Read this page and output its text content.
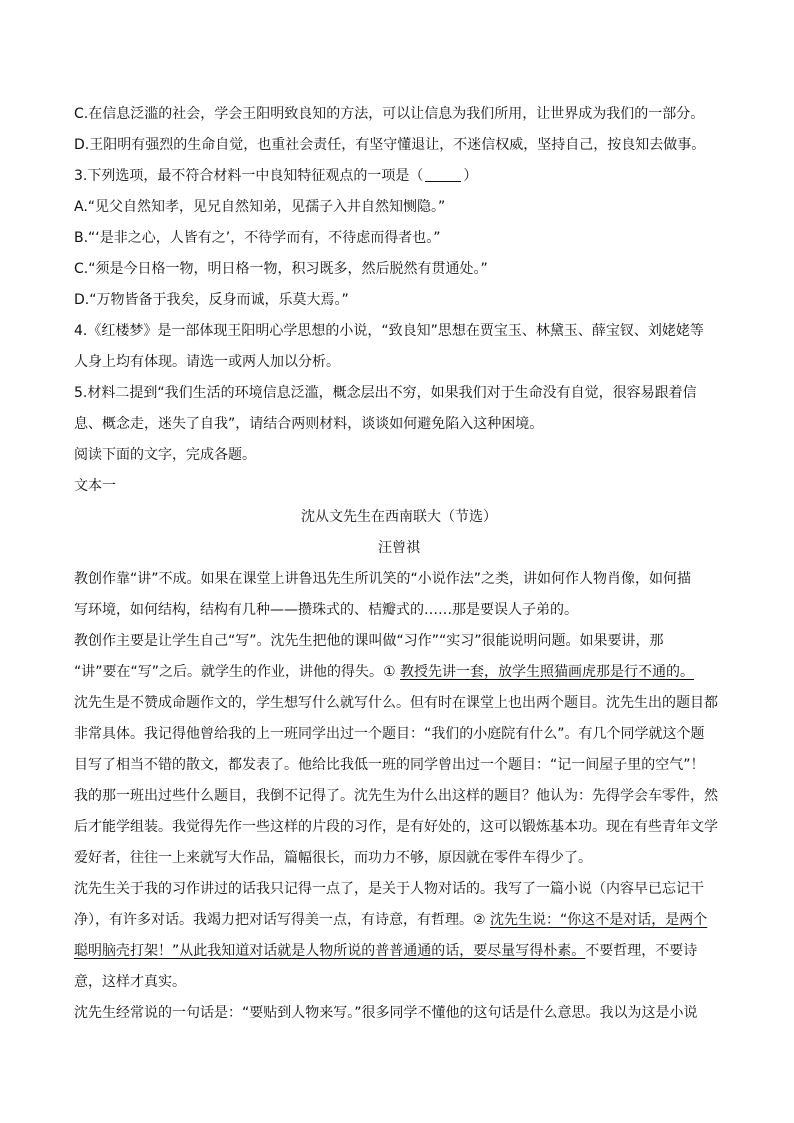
C.在信息泛滥的社会，学会王阳明致良知的方法，可以让信息为我们所用，让世界成为我们的一部分。
D.王阳明有强烈的生命自觉，也重社会责任，有坚守懂退让，不迷信权威，坚持自己，按良知去做事。
3.下列选项，最不符合材料一中良知特征观点的一项是（	）
A.“见父自然知孝，见兄自然知弟，见孺子入井自然知恻隐。”
B.“‘是非之心，人皆有之’，不待学而有，不待虑而得者也。”
C.“须是今日格一物，明日格一物，积习既多，然后脱然有贯通处。”
D.“万物皆备于我矣，反身而诚，乐莫大焉。”
4.《红楼梦》是一部体现王阳明心学思想的小说，“致良知”思想在贾宝玉、林黛玉、薛宝钗、刘姥姥等
人身上均有体现。请选一或两人加以分析。
5.材料二提到“我们生活的环境信息泛滥，概念层出不穷，如果我们对于生命没有自觉，很容易跟着信
息、概念走，迷失了自我”，请结合两则材料，谈谈如何避免陷入这种困境。
阅读下面的文字，完成各题。
文本一
沈从文先生在西南联大（节选）
汪曾祺
教创作靠“讲”不成。如果在课堂上讲鲁迅先生所讥笑的“小说作法”之类，讲如何作人物肖像，如何描
写环境，如何结构，结构有几种——攒珠式的、桔瓣式的……那是要误人子弟的。
教创作主要是让学生自己“写”。沈先生把他的课叫做“习作”“实习”很能说明问题。如果要讲，那
“讲”要在“写”之后。就学生的作业，讲他的得失。① 教授先讲一套，放学生照猫画虎那是行不通的。
沈先生是不赞成命题作文的，学生想写什么就写什么。但有时在课堂上也出两个题目。沈先生出的题目都
非常具体。我记得他曾给我的上一班同学出过一个题目：“我们的小庭院有什么”。有几个同学就这个题
目写了相当不错的散文，都发表了。他给比我低一班的同学曾出过一个题目：“记一间屋子里的空气”！
我的那一班出过些什么题目，我倒不记得了。沈先生为什么出这样的题目？他认为：先得学会车零件，然
后才能学组装。我觉得先作一些这样的片段的习作，是有好处的，这可以锻炼基本功。现在有些青年文学
爱好者，往往一上来就写大作品，篇幅很长，而功力不够，原因就在零件车得少了。
沈先生关于我的习作讲过的话我只记得一点了，是关于人物对话的。我写了一篇小说（内容早已忘记干
净），有许多对话。我竭力把对话写得美一点，有诗意，有哲理。② 沈先生说：“你这不是对话，是两个
聪明脑壳打架！”从此我知道对话就是人物所说的普普通通的话，要尽量写得朴素。不要哲理，不要诗
意，这样才真实。
沈先生经常说的一句话是：“要贴到人物来写。”很多同学不懂他的这句话是什么意思。我以为这是小说
